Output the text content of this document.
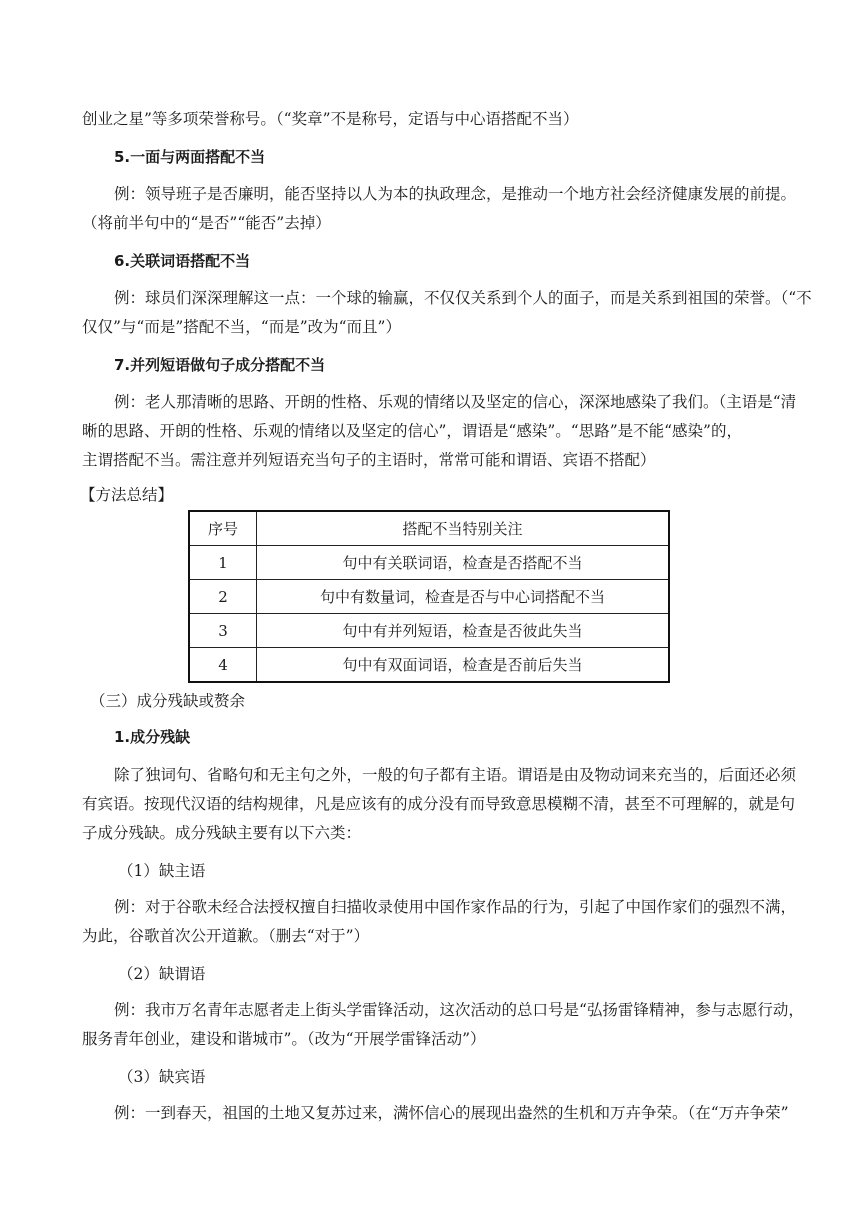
创业之星”等多项荣誉称号。（“奖章”不是称号，定语与中心语搭配不当）
5.一面与两面搭配不当
例：领导班子是否廉明，能否坚持以人为本的执政理念，是推动一个地方社会经济健康发展的前提。
（将前半句中的“是否”“能否”去掉）
6.关联词语搭配不当
例：球员们深深理解这一点：一个球的输赢，不仅仅关系到个人的面子，而是关系到祖国的荣誉。（“不
仅仅”与“而是”搭配不当，“而是”改为“而且”）
7.并列短语做句子成分搭配不当
例：老人那清晰的思路、开朗的性格、乐观的情绪以及坚定的信心，深深地感染了我们。（主语是“清
晰的思路、开朗的性格、乐观的情绪以及坚定的信心”，谓语是“感染”。“思路”是不能“感染”的，
主谓搭配不当。需注意并列短语充当句子的主语时，常常可能和谓语、宾语不搭配）
【方法总结】
序号	搭配不当特别关注
1	句中有关联词语，检查是否搭配不当
2	句中有数量词，检查是否与中心词搭配不当
3	句中有并列短语，检查是否彼此失当
4	句中有双面词语，检查是否前后失当
（三）成分残缺或赘余
1.成分残缺
除了独词句、省略句和无主句之外，一般的句子都有主语。谓语是由及物动词来充当的，后面还必须
有宾语。按现代汉语的结构规律，凡是应该有的成分没有而导致意思模糊不清，甚至不可理解的，就是句
子成分残缺。成分残缺主要有以下六类：
（1）缺主语
例：对于谷歌未经合法授权擅自扫描收录使用中国作家作品的行为，引起了中国作家们的强烈不满，
为此，谷歌首次公开道歉。（删去“对于”）
（2）缺谓语
例：我市万名青年志愿者走上街头学雷锋活动，这次活动的总口号是“弘扬雷锋精神，参与志愿行动，
服务青年创业，建设和谐城市”。（改为“开展学雷锋活动”）
（3）缺宾语
例：一到春天，祖国的土地又复苏过来，满怀信心的展现出盎然的生机和万卉争荣。（在“万卉争荣”
